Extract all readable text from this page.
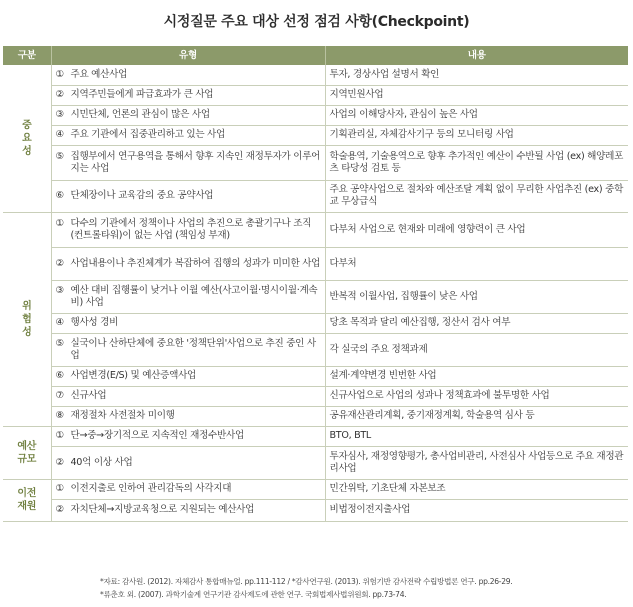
시정질문 주요 대상 선정 점검 사항(Checkpoint)
구분	유형	내용
중요성	① 주요 예산사업	투자, 경상사업 설명서 확인

	② 지역주민들에게 파급효과가 큰 사업	지역민원사업

	③ 시민단체, 언론의 관심이 많은 사업	사업의 이해당사자, 관심이 높은 사업

	④ 주요 기관에서 집중관리하고 있는 사업	기획관리실, 자체감사기구 등의 모니터링 사업

	⑤ 집행부에서 연구용역을 통해서 향후 지속인 재정투자가 이루어지는 사업	학술용역, 기술용역으로 향후 추가적인 예산이 수반될 사업 (ex) 해양레포츠 타당성 검토 등

	⑥ 단체장이나 교육감의 중요 공약사업	주요 공약사업으로 절차와 예산조달 계획 없이 무리한 사업추진 (ex) 중학교 무상급식
위험성	① 다수의 기관에서 정책이나 사업의 추진으로 총괄기구나 조직(컨트롤타워)이 없는 사업 (책임성 부재)	다부처 사업으로 현재와 미래에 영향력이 큰 사업

	② 사업내용이나 추진체계가 복잡하여 집행의 성과가 미미한 사업	다부처

	③ 예산 대비 집행률이 낮거나 이월 예산(사고이월·명시이월·계속비) 사업	반복적 이월사업, 집행률이 낮은 사업

	④ 행사성 경비	당초 목적과 달리 예산집행, 정산서 검사 여부

	⑤ 실국이나 산하단체에 중요한 '정책단위'사업으로 추진 중인 사업	각 실국의 주요 정책과제

	⑥ 사업변경(E/S) 및 예산증액사업	설계·계약변경 빈번한 사업

	⑦ 신규사업	신규사업으로 사업의 성과나 정책효과에 불투명한 사업

	⑧ 재정절차 사전절차 미이행	공유재산관리계획, 중기재정계획, 학술용역 심사 등
예산규모	① 단→중→장기적으로 지속적인 재정수반사업	BTO, BTL

	② 40억 이상 사업	투자심사, 재정영향평가, 총사업비관리, 사전심사 사업등으로 주요 재정관리사업
이전재원	① 이전지출로 인하여 관리감독의 사각지대	민간위탁, 기초단체 자본보조

	② 자치단체→지방교육청으로 지원되는 예산사업	비법정이전지출사업
*자료: 감사원. (2012). 자체감사 통합매뉴얼. pp.111-112 / *감사연구원. (2013). 위험기반 감사전략 수립방법론 연구. pp.26-29.
*류춘호 외. (2007). 과학기술계 연구기관 감사제도에 관한 연구. 국회법제사법위원회. pp.73-74.
